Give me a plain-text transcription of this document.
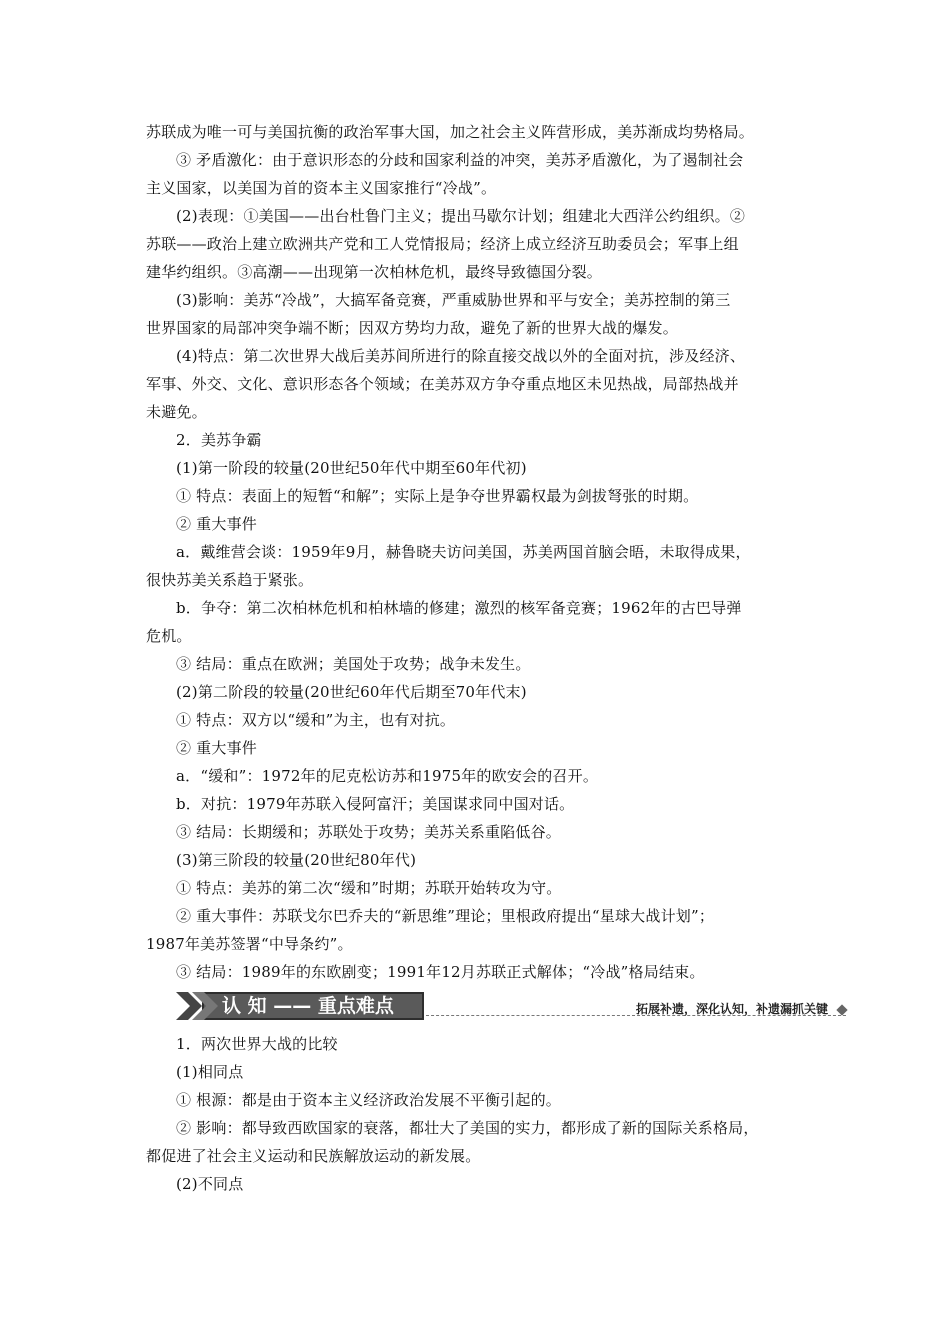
苏联成为唯一可与美国抗衡的政治军事大国，加之社会主义阵营形成，美苏渐成均势格局。
③ 矛盾激化：由于意识形态的分歧和国家利益的冲突，美苏矛盾激化，为了遏制社会
主义国家，以美国为首的资本主义国家推行“冷战”。
(2)表现：①美国——出台杜鲁门主义；提出马歇尔计划；组建北大西洋公约组织。②
苏联——政治上建立欧洲共产党和工人党情报局；经济上成立经济互助委员会；军事上组
建华约组织。③高潮——出现第一次柏林危机，最终导致德国分裂。
(3)影响：美苏“冷战”，大搞军备竞赛，严重威胁世界和平与安全；美苏控制的第三
世界国家的局部冲突争端不断；因双方势均力敌，避免了新的世界大战的爆发。
(4)特点：第二次世界大战后美苏间所进行的除直接交战以外的全面对抗，涉及经济、
军事、外交、文化、意识形态各个领域；在美苏双方争夺重点地区未见热战，局部热战并
未避免。
2．美苏争霸
(1)第一阶段的较量(20世纪50年代中期至60年代初)
① 特点：表面上的短暂“和解”；实际上是争夺世界霸权最为剑拔弩张的时期。
② 重大事件
a．戴维营会谈：1959年9月，赫鲁晓夫访问美国，苏美两国首脑会晤，未取得成果，
很快苏美关系趋于紧张。
b．争夺：第二次柏林危机和柏林墙的修建；激烈的核军备竞赛；1962年的古巴导弹
危机。
③ 结局：重点在欧洲；美国处于攻势；战争未发生。
(2)第二阶段的较量(20世纪60年代后期至70年代末)
① 特点：双方以“缓和”为主，也有对抗。
② 重大事件
a．“缓和”：1972年的尼克松访苏和1975年的欧安会的召开。
b．对抗：1979年苏联入侵阿富汗；美国谋求同中国对话。
③ 结局：长期缓和；苏联处于攻势；美苏关系重陷低谷。
(3)第三阶段的较量(20世纪80年代)
① 特点：美苏的第二次“缓和”时期；苏联开始转攻为守。
② 重大事件：苏联戈尔巴乔夫的“新思维”理论；里根政府提出“星球大战计划”；
1987年美苏签署“中导条约”。
③ 结局：1989年的东欧剧变；1991年12月苏联正式解体；“冷战”格局结束。
认 知 —— 重点难点	拓展补遗，深化认知，补遗漏抓关键
1．两次世界大战的比较
(1)相同点
① 根源：都是由于资本主义经济政治发展不平衡引起的。
② 影响：都导致西欧国家的衰落，都壮大了美国的实力，都形成了新的国际关系格局，
都促进了社会主义运动和民族解放运动的新发展。
(2)不同点
